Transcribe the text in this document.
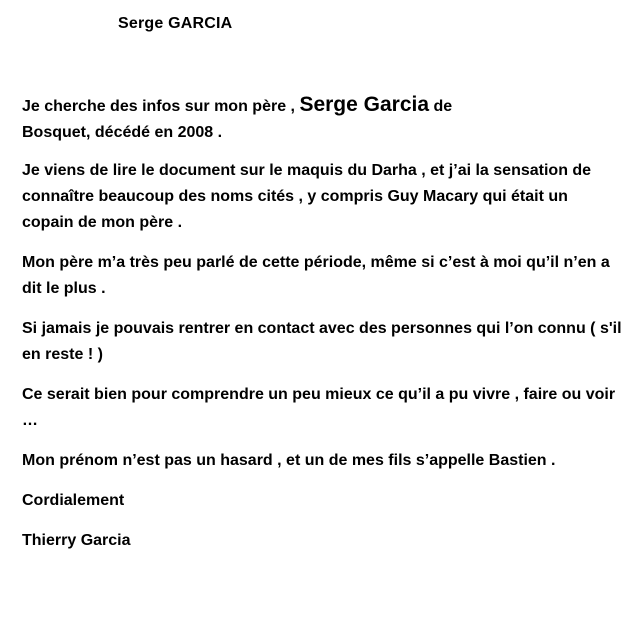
Serge GARCIA

Je cherche des infos sur mon père , Serge Garcia de
Bosquet, décédé en 2008 .

Je viens de lire le document sur le maquis du Darha , et j’ai la sensation de connaître beaucoup des noms cités , y compris Guy Macary qui était un copain de mon père .

Mon père m’a très peu parlé de cette période, même si c’est à moi qu’il n’en a dit le plus .

Si jamais je pouvais rentrer en contact avec des personnes qui l’on connu ( s'il en reste ! )

Ce serait bien pour comprendre un peu mieux ce qu’il a pu vivre , faire ou voir …

Mon prénom n’est pas un hasard , et un de mes fils s’appelle Bastien .

Cordialement

Thierry Garcia
